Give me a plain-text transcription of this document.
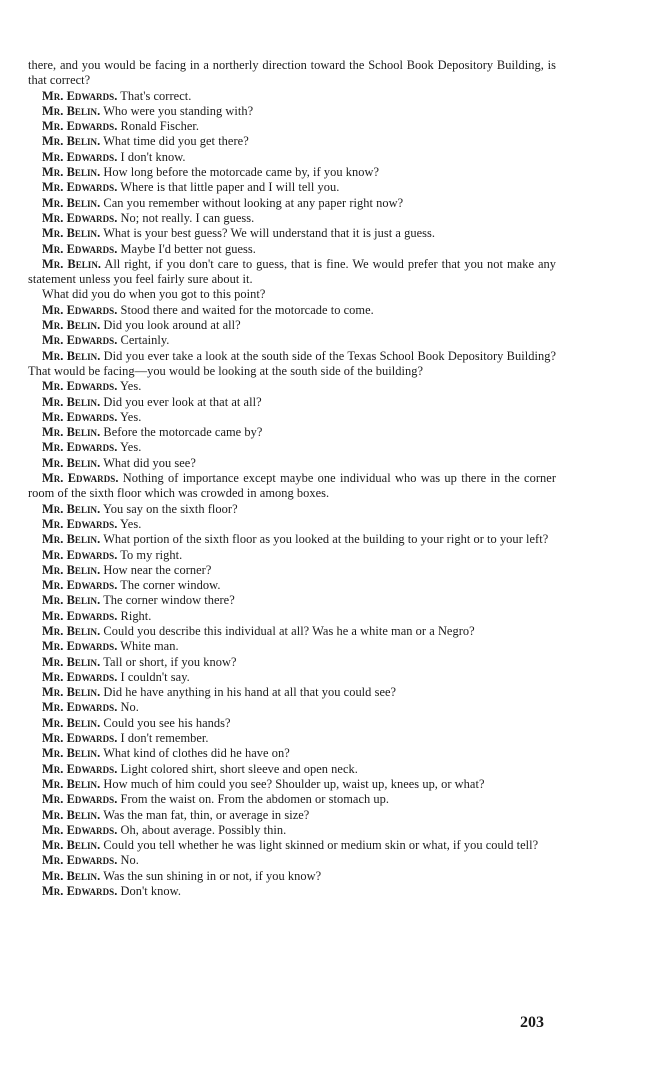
there, and you would be facing in a northerly direction toward the School Book Depository Building, is that correct?

Mr. Edwards. That's correct.

Mr. Belin. Who were you standing with?

Mr. Edwards. Ronald Fischer.

Mr. Belin. What time did you get there?

Mr. Edwards. I don't know.

Mr. Belin. How long before the motorcade came by, if you know?

Mr. Edwards. Where is that little paper and I will tell you.

Mr. Belin. Can you remember without looking at any paper right now?

Mr. Edwards. No; not really. I can guess.

Mr. Belin. What is your best guess? We will understand that it is just a guess.

Mr. Edwards. Maybe I'd better not guess.

Mr. Belin. All right, if you don't care to guess, that is fine. We would prefer that you not make any statement unless you feel fairly sure about it.

What did you do when you got to this point?

Mr. Edwards. Stood there and waited for the motorcade to come.

Mr. Belin. Did you look around at all?

Mr. Edwards. Certainly.

Mr. Belin. Did you ever take a look at the south side of the Texas School Book Depository Building? That would be facing—you would be looking at the south side of the building?

Mr. Edwards. Yes.

Mr. Belin. Did you ever look at that at all?

Mr. Edwards. Yes.

Mr. Belin. Before the motorcade came by?

Mr. Edwards. Yes.

Mr. Belin. What did you see?

Mr. Edwards. Nothing of importance except maybe one individual who was up there in the corner room of the sixth floor which was crowded in among boxes.

Mr. Belin. You say on the sixth floor?

Mr. Edwards. Yes.

Mr. Belin. What portion of the sixth floor as you looked at the building to your right or to your left?

Mr. Edwards. To my right.

Mr. Belin. How near the corner?

Mr. Edwards. The corner window.

Mr. Belin. The corner window there?

Mr. Edwards. Right.

Mr. Belin. Could you describe this individual at all? Was he a white man or a Negro?

Mr. Edwards. White man.

Mr. Belin. Tall or short, if you know?

Mr. Edwards. I couldn't say.

Mr. Belin. Did he have anything in his hand at all that you could see?

Mr. Edwards. No.

Mr. Belin. Could you see his hands?

Mr. Edwards. I don't remember.

Mr. Belin. What kind of clothes did he have on?

Mr. Edwards. Light colored shirt, short sleeve and open neck.

Mr. Belin. How much of him could you see? Shoulder up, waist up, knees up, or what?

Mr. Edwards. From the waist on. From the abdomen or stomach up.

Mr. Belin. Was the man fat, thin, or average in size?

Mr. Edwards. Oh, about average. Possibly thin.

Mr. Belin. Could you tell whether he was light skinned or medium skin or what, if you could tell?

Mr. Edwards. No.

Mr. Belin. Was the sun shining in or not, if you know?

Mr. Edwards. Don't know.

203
